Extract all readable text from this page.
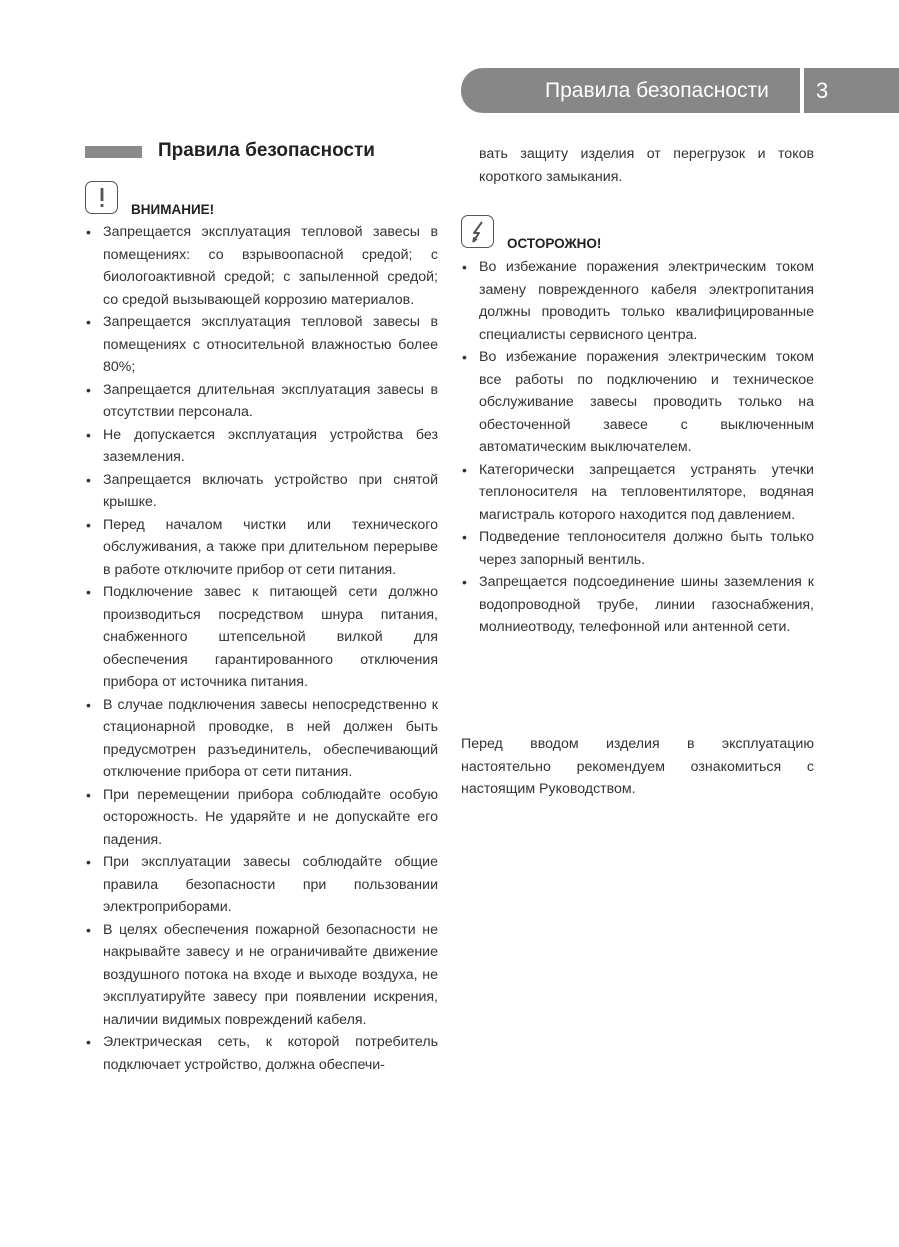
Правила безопасности 3
Правила безопасности
ВНИМАНИЕ!
• Запрещается эксплуатация тепловой завесы в помещениях: со взрывоопасной средой; с биологоактивной средой; с запыленной средой; со средой вызывающей коррозию материалов.
• Запрещается эксплуатация тепловой завесы в помещениях с относительной влажностью более 80%;
• Запрещается длительная эксплуатация завесы в отсутствии персонала.
• Не допускается эксплуатация устройства без заземления.
• Запрещается включать устройство при снятой крышке.
• Перед началом чистки или технического обслуживания, а также при длительном перерыве в работе отключите прибор от сети питания.
• Подключение завес к питающей сети должно производиться посредством шнура питания, снабженного штепсельной вилкой для обеспечения гарантированного отключения прибора от источника питания.
• В случае подключения завесы непосредственно к стационарной проводке, в ней должен быть предусмотрен разъединитель, обеспечивающий отключение прибора от сети питания.
• При перемещении прибора соблюдайте особую осторожность. Не ударяйте и не допускайте его падения.
• При эксплуатации завесы соблюдайте общие правила безопасности при пользовании электроприборами.
• В целях обеспечения пожарной безопасности не накрывайте завесу и не ограничивайте движение воздушного потока на входе и выходе воздуха, не эксплуатируйте завесу при появлении искрения, наличии видимых повреждений кабеля.
• Электрическая сеть, к которой потребитель подключает устройство, должна обеспечи-
вать защиту изделия от перегрузок и токов короткого замыкания.
ОСТОРОЖНО!
• Во избежание поражения электрическим током замену поврежденного кабеля электропитания должны проводить только квалифицированные специалисты сервисного центра.
• Во избежание поражения электрическим током все работы по подключению и техническое обслуживание завесы проводить только на обесточенной завесе с выключенным автоматическим выключателем.
• Категорически запрещается устранять утечки теплоносителя на тепловентиляторе, водяная магистраль которого находится под давлением.
• Подведение теплоносителя должно быть только через запорный вентиль.
• Запрещается подсоединение шины заземления к водопроводной трубе, линии газоснабжения, молниеотводу, телефонной или антенной сети.

Перед вводом изделия в эксплуатацию настоятельно рекомендуем ознакомиться с настоящим Руководством.
